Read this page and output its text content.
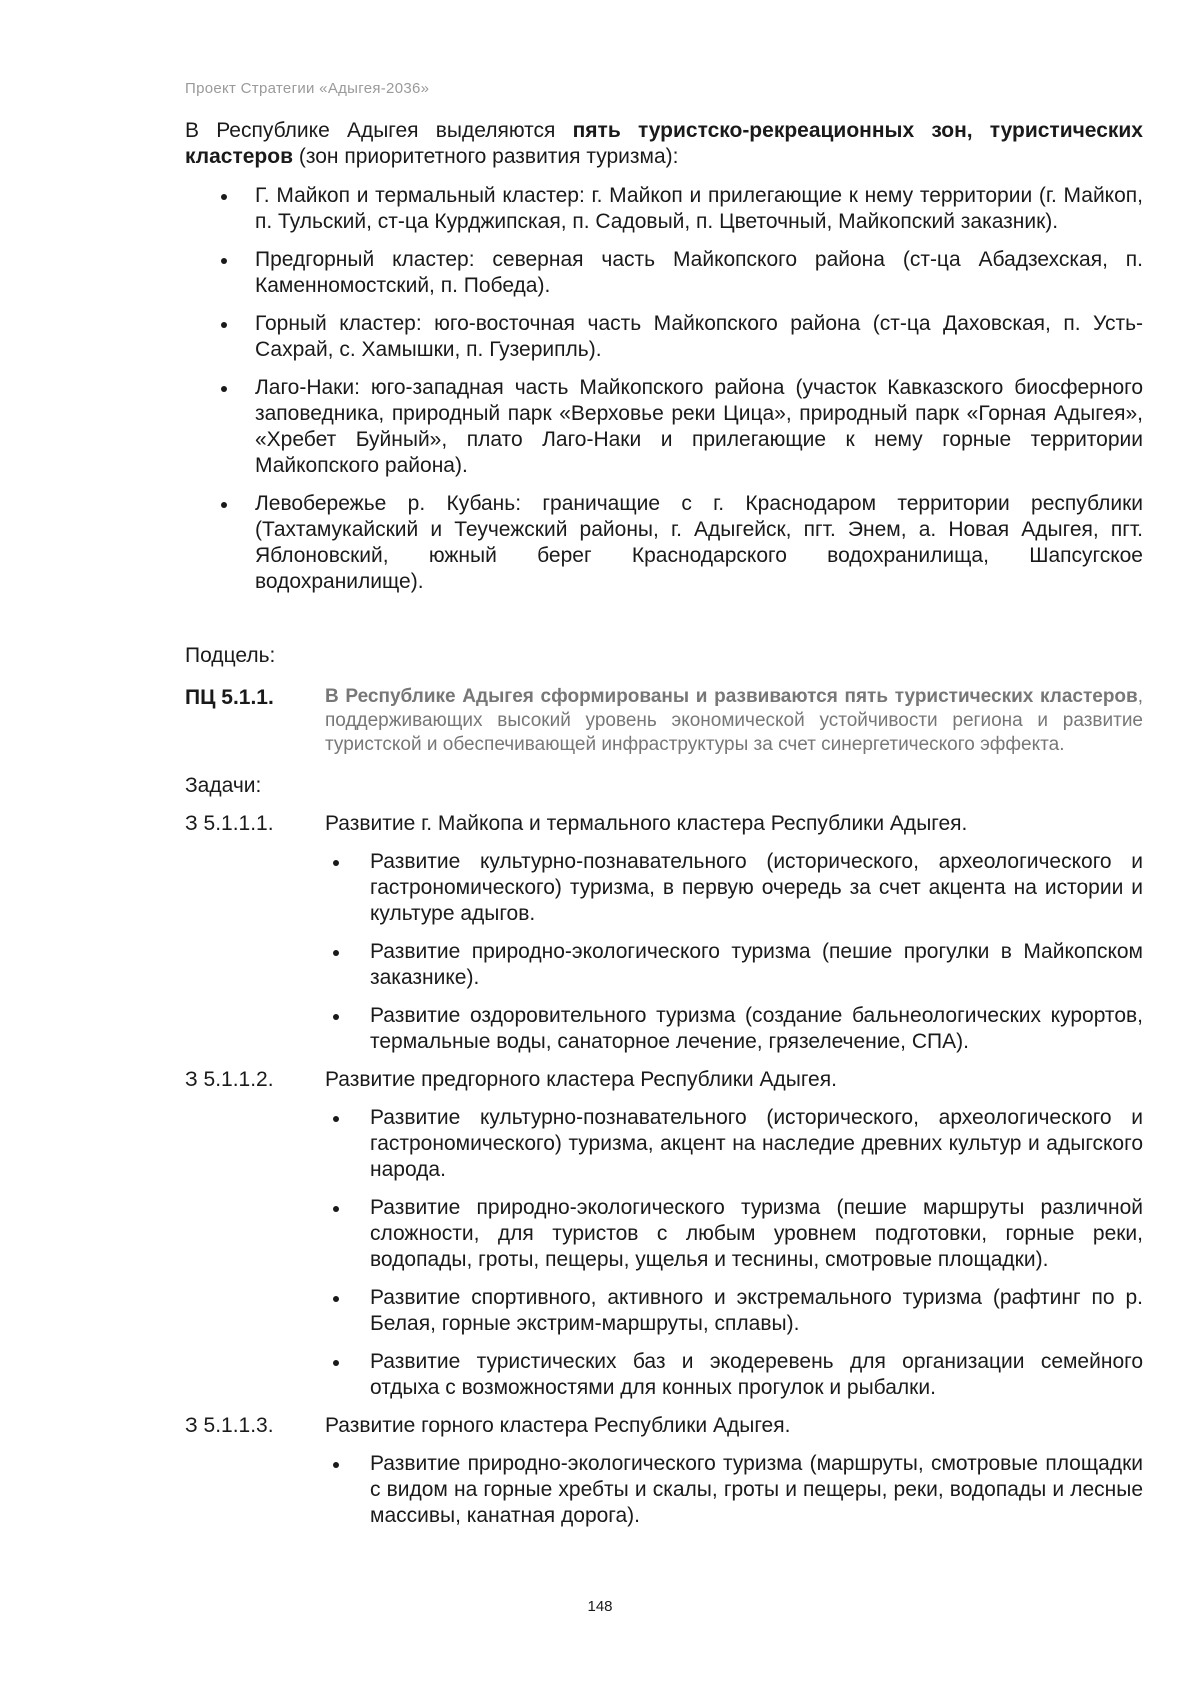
Проект Стратегии «Адыгея-2036»

В Республике Адыгея выделяются пять туристско-рекреационных зон, туристических кластеров (зон приоритетного развития туризма):

Г. Майкоп и термальный кластер: г. Майкоп и прилегающие к нему территории (г. Майкоп, п. Тульский, ст-ца Курджипская, п. Садовый, п. Цветочный, Майкопский заказник).
Предгорный кластер: северная часть Майкопского района (ст-ца Абадзехская, п. Каменномостский, п. Победа).
Горный кластер: юго-восточная часть Майкопского района (ст-ца Даховская, п. Усть-Сахрай, с. Хамышки, п. Гузерипль).
Лаго-Наки: юго-западная часть Майкопского района (участок Кавказского биосферного заповедника, природный парк «Верховье реки Цица», природный парк «Горная Адыгея», «Хребет Буйный», плато Лаго-Наки и прилегающие к нему горные территории Майкопского района).
Левобережье р. Кубань: граничащие с г. Краснодаром территории республики (Тахтамукайский и Теучежский районы, г. Адыгейск, пгт. Энем, а. Новая Адыгея, пгт. Яблоновский, южный берег Краснодарского водохранилища, Шапсугское водохранилище).
Подцель:
ПЦ 5.1.1.	В Республике Адыгея сформированы и развиваются пять туристических кластеров, поддерживающих высокий уровень экономической устойчивости региона и развитие туристской и обеспечивающей инфраструктуры за счет синергетического эффекта.
Задачи:
З 5.1.1.1.	Развитие г. Майкопа и термального кластера Республики Адыгея.
Развитие культурно-познавательного (исторического, археологического и гастрономического) туризма, в первую очередь за счет акцента на истории и культуре адыгов.
Развитие природно-экологического туризма (пешие прогулки в Майкопском заказнике).
Развитие оздоровительного туризма (создание бальнеологических курортов, термальные воды, санаторное лечение, грязелечение, СПА).
З 5.1.1.2.	Развитие предгорного кластера Республики Адыгея.
Развитие культурно-познавательного (исторического, археологического и гастрономического) туризма, акцент на наследие древних культур и адыгского народа.
Развитие природно-экологического туризма (пешие маршруты различной сложности, для туристов с любым уровнем подготовки, горные реки, водопады, гроты, пещеры, ущелья и теснины, смотровые площадки).
Развитие спортивного, активного и экстремального туризма (рафтинг по р. Белая, горные экстрим-маршруты, сплавы).
Развитие туристических баз и экодеревень для организации семейного отдыха с возможностями для конных прогулок и рыбалки.
З 5.1.1.3.	Развитие горного кластера Республики Адыгея.
Развитие природно-экологического туризма (маршруты, смотровые площадки с видом на горные хребты и скалы, гроты и пещеры, реки, водопады и лесные массивы, канатная дорога).
148
